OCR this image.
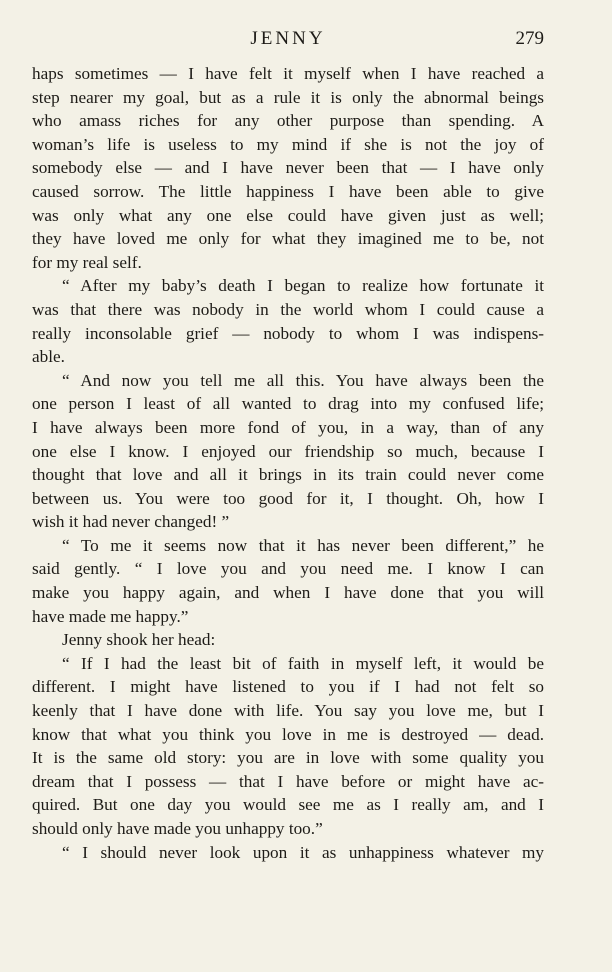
JENNY	279
haps sometimes — I have felt it myself when I have reached a
step nearer my goal, but as a rule it is only the abnormal beings
who amass riches for any other purpose than spending. A
woman’s life is useless to my mind if she is not the joy of
somebody else — and I have never been that — I have only
caused sorrow. The little happiness I have been able to give
was only what any one else could have given just as well;
they have loved me only for what they imagined me to be, not
for my real self.
“ After my baby’s death I began to realize how fortunate it
was that there was nobody in the world whom I could cause a
really inconsolable grief — nobody to whom I was indispens-
able.
“ And now you tell me all this. You have always been the
one person I least of all wanted to drag into my confused life;
I have always been more fond of you, in a way, than of any
one else I know. I enjoyed our friendship so much, because I
thought that love and all it brings in its train could never come
between us. You were too good for it, I thought. Oh, how I
wish it had never changed! ”
“ To me it seems now that it has never been different,” he
said gently. “ I love you and you need me. I know I can
make you happy again, and when I have done that you will
have made me happy.”
Jenny shook her head:
“ If I had the least bit of faith in myself left, it would be
different. I might have listened to you if I had not felt so
keenly that I have done with life. You say you love me, but I
know that what you think you love in me is destroyed — dead.
It is the same old story: you are in love with some quality you
dream that I possess — that I have before or might have ac-
quired. But one day you would see me as I really am, and I
should only have made you unhappy too.”
“ I should never look upon it as unhappiness whatever my
